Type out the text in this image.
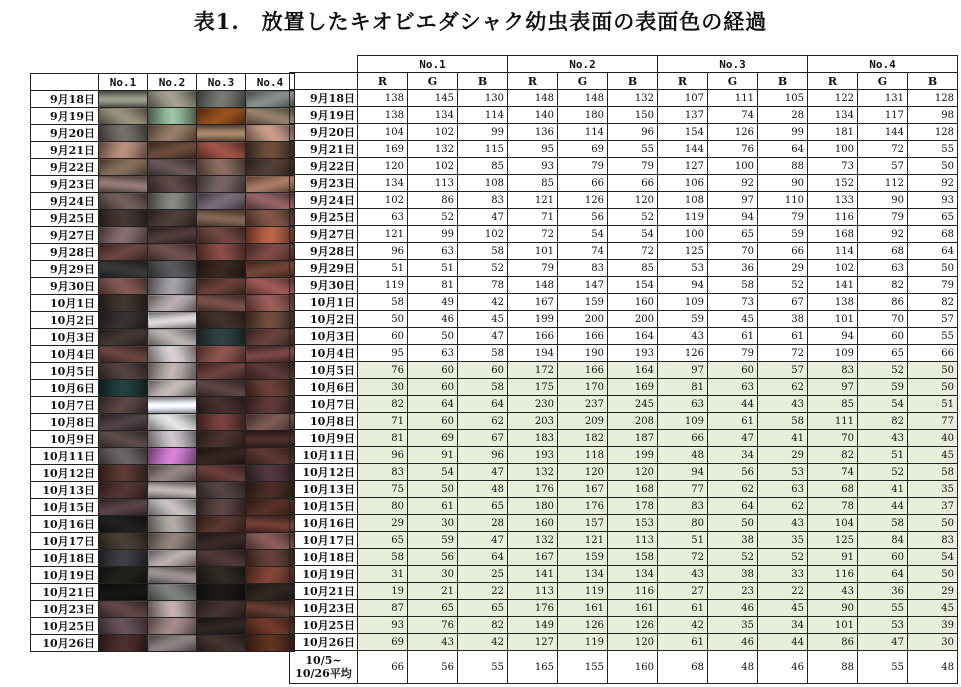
表1.　放置したキオビエダシャク幼虫表面の表面色の経過
	No.1	No.2	No.3	No.4
9月18日				
9月19日				
9月20日				
9月21日				
9月22日				
9月23日				
9月24日				
9月25日				
9月27日				
9月28日				
9月29日				
9月30日				
10月1日				
10月2日				
10月3日				
10月4日				
10月5日				
10月6日				
10月7日				
10月8日				
10月9日				
10月11日				
10月12日				
10月13日				
10月15日				
10月16日				
10月17日				
10月18日				
10月19日				
10月21日				
10月23日				
10月25日				
10月26日				
	No.1			No.2			No.3			No.4		
	R	G	B	R	G	B	R	G	B	R	G	B
9月18日	138	145	130	148	148	132	107	111	105	122	131	128
9月19日	138	134	114	140	180	150	137	74	28	134	117	98
9月20日	104	102	99	136	114	96	154	126	99	181	144	128
9月21日	169	132	115	95	69	55	144	76	64	100	72	55
9月22日	120	102	85	93	79	79	127	100	88	73	57	50
9月23日	134	113	108	85	66	66	106	92	90	152	112	92
9月24日	102	86	83	121	126	120	108	97	110	133	90	93
9月25日	63	52	47	71	56	52	119	94	79	116	79	65
9月27日	121	99	102	72	54	54	100	65	59	168	92	68
9月28日	96	63	58	101	74	72	125	70	66	114	68	64
9月29日	51	51	52	79	83	85	53	36	29	102	63	50
9月30日	119	81	78	148	147	154	94	58	52	141	82	79
10月1日	58	49	42	167	159	160	109	73	67	138	86	82
10月2日	50	46	45	199	200	200	59	45	38	101	70	57
10月3日	60	50	47	166	166	164	43	61	61	94	60	55
10月4日	95	63	58	194	190	193	126	79	72	109	65	66
10月5日	76	60	60	172	166	164	97	60	57	83	52	50
10月6日	30	60	58	175	170	169	81	63	62	97	59	50
10月7日	82	64	64	230	237	245	63	44	43	85	54	51
10月8日	71	60	62	203	209	208	109	61	58	111	82	77
10月9日	81	69	67	183	182	187	66	47	41	70	43	40
10月11日	96	91	96	193	118	199	48	34	29	82	51	45
10月12日	83	54	47	132	120	120	94	56	53	74	52	58
10月13日	75	50	48	176	167	168	77	62	63	68	41	35
10月15日	80	61	65	180	176	178	83	64	62	78	44	37
10月16日	29	30	28	160	157	153	80	50	43	104	58	50
10月17日	65	59	47	132	121	113	51	38	35	125	84	83
10月18日	58	56	64	167	159	158	72	52	52	91	60	54
10月19日	31	30	25	141	134	134	43	38	33	116	64	50
10月21日	19	21	22	113	119	116	27	23	22	43	36	29
10月23日	87	65	65	176	161	161	61	46	45	90	55	45
10月25日	93	76	82	149	126	126	42	35	34	101	53	39
10月26日	69	43	42	127	119	120	61	46	44	86	47	30
10/5~
10/26平均	66	56	55	165	155	160	68	48	46	88	55	48
